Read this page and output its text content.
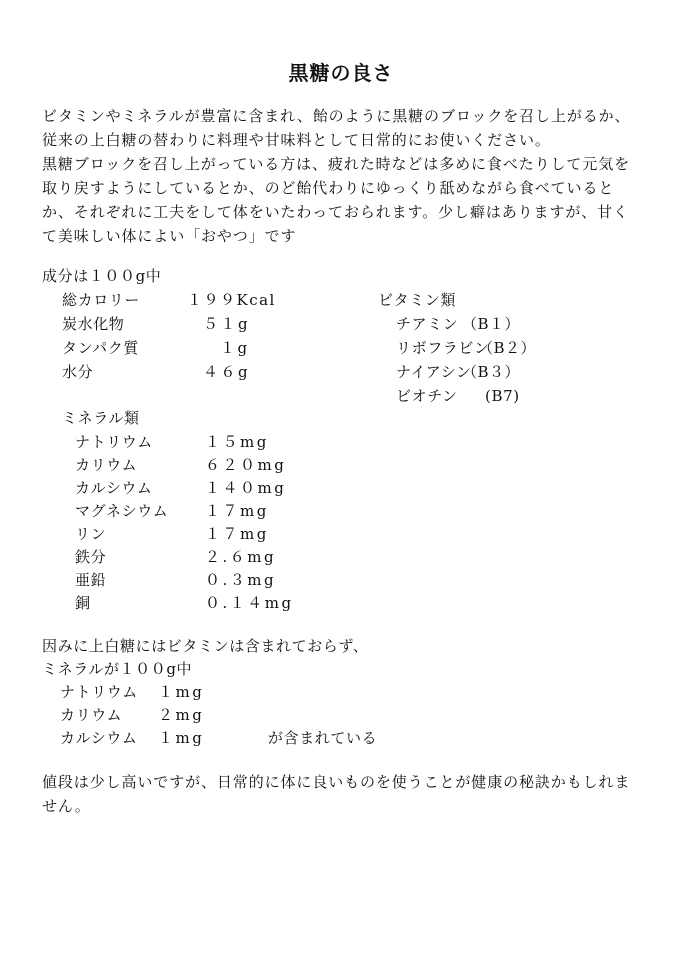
黒糖の良さ

ビタミンやミネラルが豊富に含まれ、飴のように黒糖のブロックを召し上がるか、
従来の上白糖の替わりに料理や甘味料として日常的にお使いください。

黒糖ブロックを召し上がっている方は、疲れた時などは多めに食べたりして元気を
取り戻すようにしているとか、のど飴代わりにゆっくり舐めながら食べていると
か、それぞれに工夫をして体をいたわっておられます。少し癖はありますが、甘く
て美味しい体によい「おやつ」です

成分は１００g中
総カロリー	１９９Kcal
炭水化物	５１g
タンパク質	１g
水分	４６g
ビタミン類
チアミン （B１）
リボフラビン
（B２）
ナイアシン
（B３）
ビオチン (B7)
ミネラル類
ナトリウム	１５mg
カリウム	６２０mg
カルシウム	１４０mg
マグネシウム １７mg
リン	１７mg
鉄分	２.６mg
亜鉛	０.３mg
銅	０.１４mg
因みに上白糖にはビタミンは含まれておらず、
ミネラルが１００g中
ナトリウム １mg
カリウム ２mg
カルシウム １mg	が含まれている
値段は少し高いですが、日常的に体に良いものを使うことが健康の秘訣かもしれま
せん。
